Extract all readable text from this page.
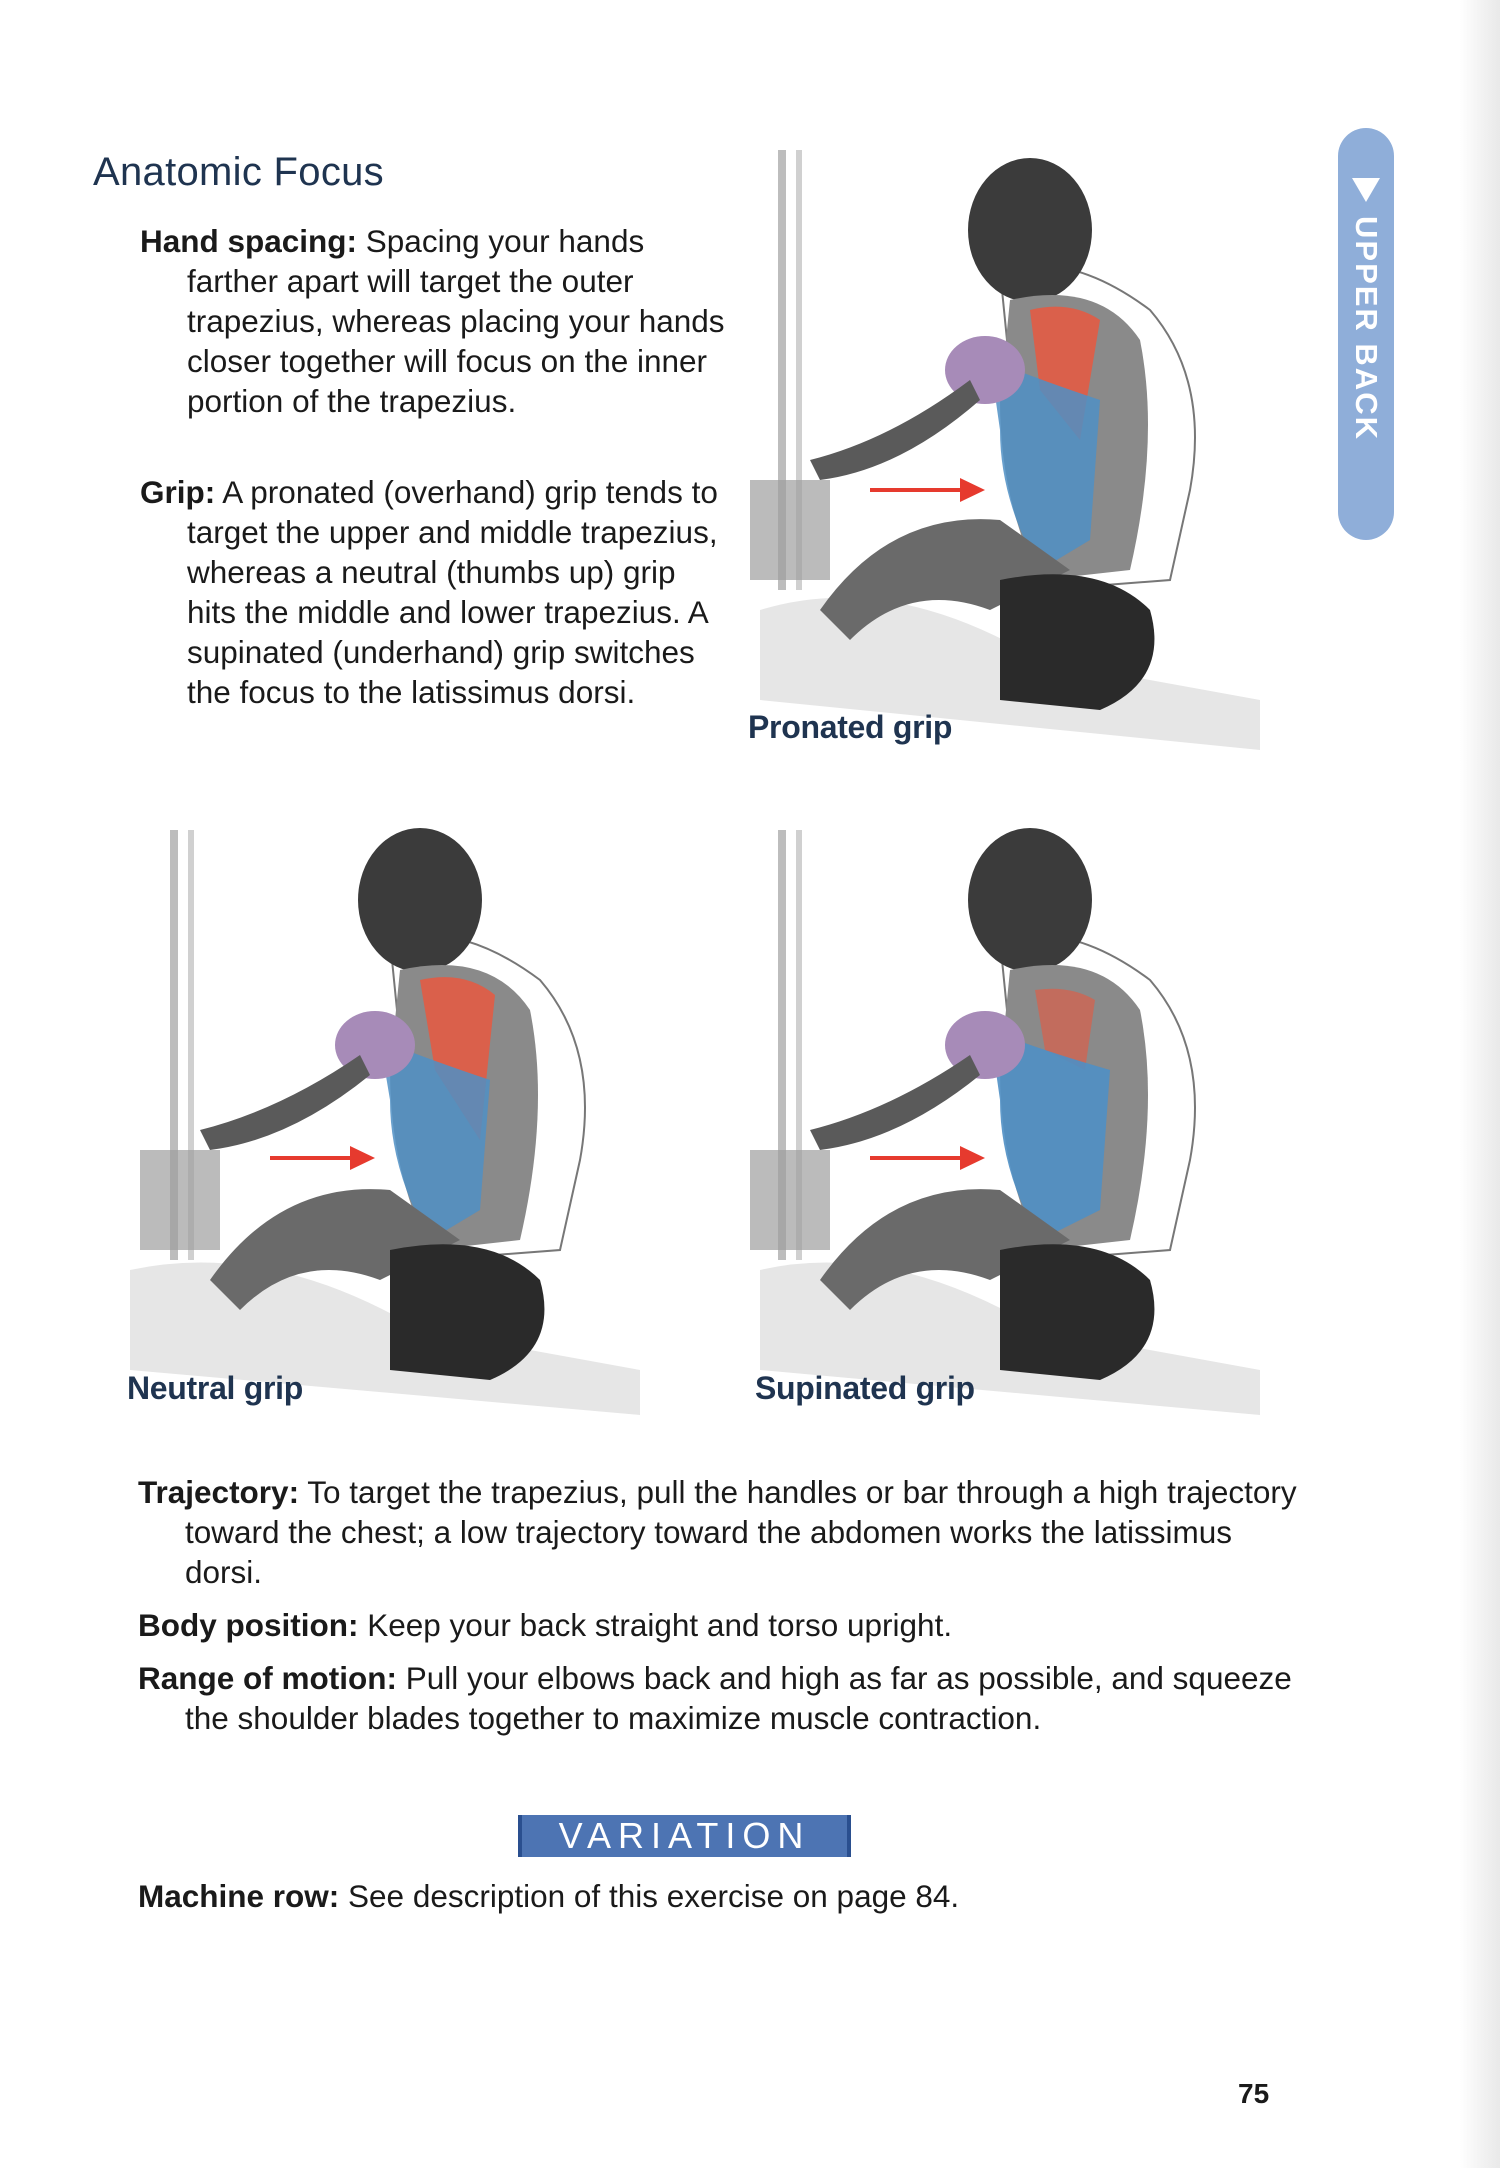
Anatomic Focus

Hand spacing: Spacing your hands farther apart will target the outer trapezius, whereas placing your hands closer together will focus on the inner portion of the trapezius.

Grip: A pronated (overhand) grip tends to target the upper and middle trapezius, whereas a neutral (thumbs up) grip hits the middle and lower trapezius. A supinated (underhand) grip switches the focus to the latissimus dorsi.

UPPER BACK
Pronated grip
Neutral grip	Supinated grip

Trajectory: To target the trapezius, pull the handles or bar through a high trajectory toward the chest; a low trajectory toward the abdomen works the latissimus dorsi.

Body position: Keep your back straight and torso upright.

Range of motion: Pull your elbows back and high as far as possible, and squeeze the shoulder blades together to maximize muscle contraction.

VARIATION

Machine row: See description of this exercise on page 84.

75
